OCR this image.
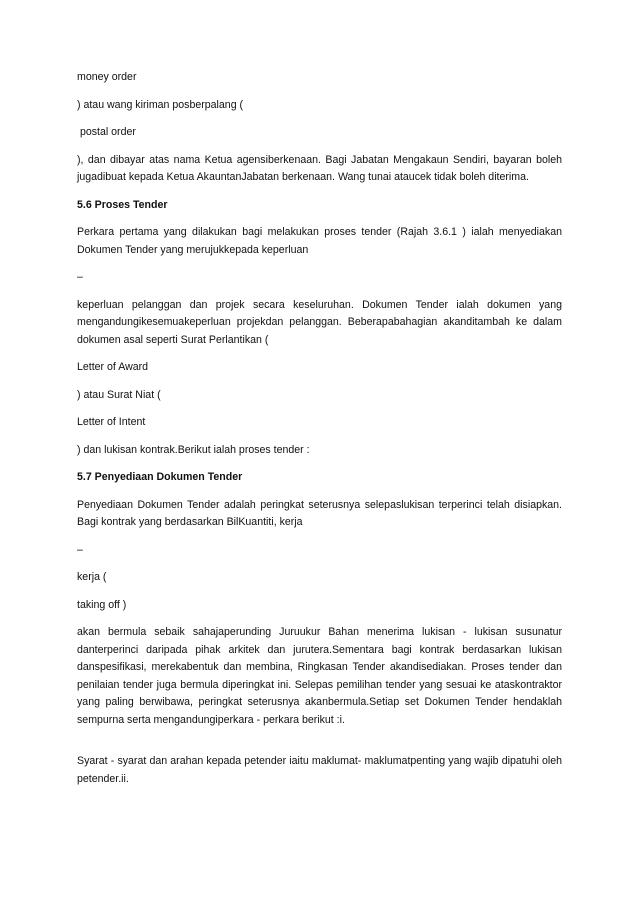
money order

) atau wang kiriman posberpalang (

postal order

), dan dibayar atas nama Ketua agensiberkenaan. Bagi Jabatan Mengakaun Sendiri, bayaran boleh jugadibuat kepada Ketua AkauntanJabatan berkenaan. Wang tunai ataucek tidak boleh diterima.

5.6 Proses Tender

Perkara pertama yang dilakukan bagi melakukan proses tender (Rajah 3.6.1 ) ialah menyediakan Dokumen Tender yang merujukkepada keperluan

–

keperluan pelanggan dan projek secara keseluruhan. Dokumen Tender ialah dokumen yang mengandungikesemuakeperluan projekdan pelanggan. Beberapabahagian akanditambah ke dalam dokumen asal seperti Surat Perlantikan (

Letter of Award

) atau Surat Niat (

Letter of Intent

) dan lukisan kontrak.Berikut ialah proses tender :

5.7 Penyediaan Dokumen Tender

Penyediaan Dokumen Tender adalah peringkat seterusnya selepaslukisan terperinci telah disiapkan. Bagi kontrak yang berdasarkan BilKuantiti, kerja

–

kerja (

taking off )

akan bermula sebaik sahajaperunding Juruukur Bahan menerima lukisan - lukisan susunatur danterperinci daripada pihak arkitek dan jurutera.Sementara bagi kontrak berdasarkan lukisan danspesifikasi, merekabentuk dan membina, Ringkasan Tender akandisediakan. Proses tender dan penilaian tender juga bermula diperingkat ini. Selepas pemilihan tender yang sesuai ke ataskontraktor yang paling berwibawa, peringkat seterusnya akanbermula.Setiap set Dokumen Tender hendaklah sempurna serta mengandungiperkara - perkara berikut :i.

Syarat - syarat dan arahan kepada petender iaitu maklumat- maklumatpenting yang wajib dipatuhi oleh petender.ii.
